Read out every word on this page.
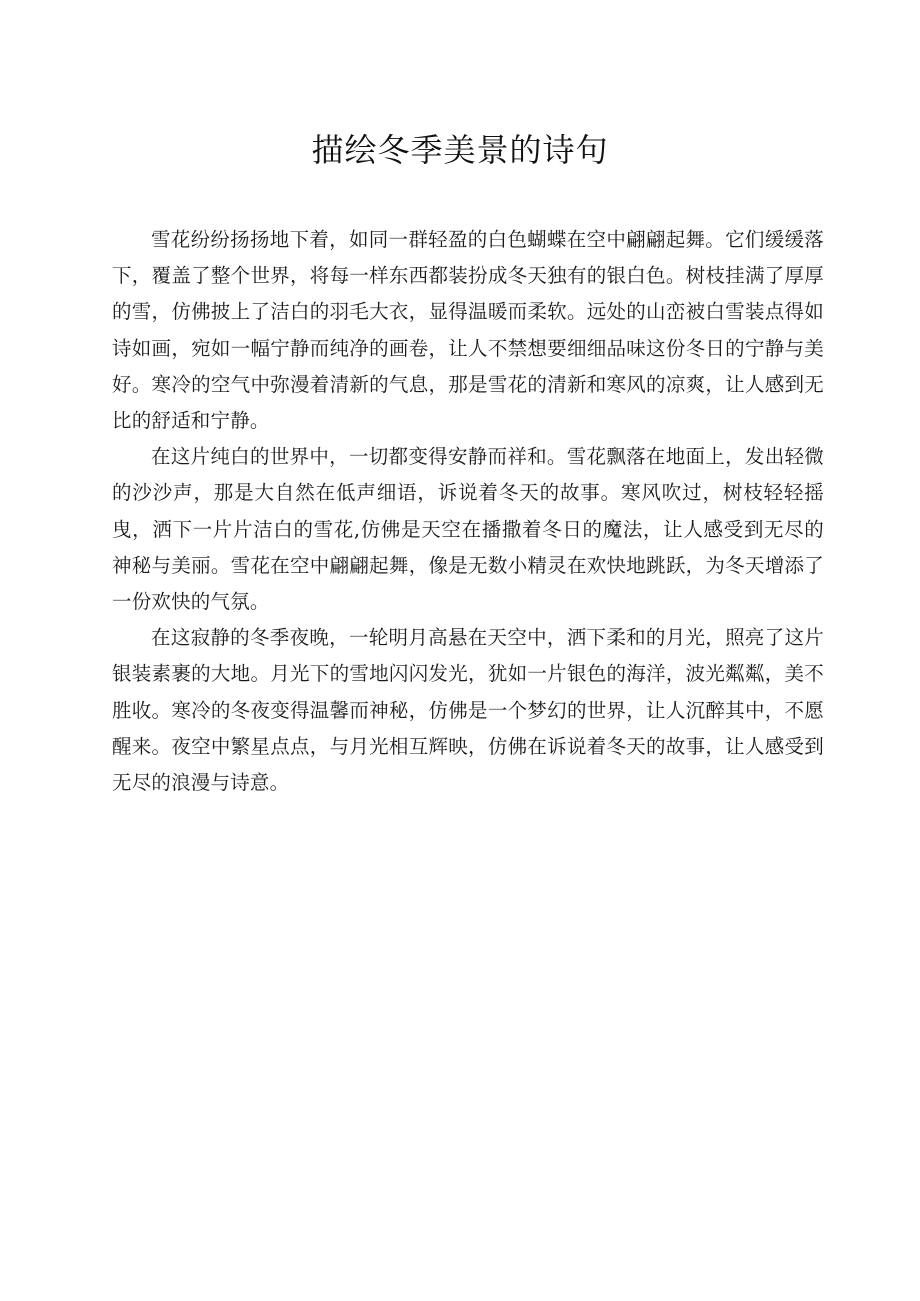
描绘冬季美景的诗句

雪花纷纷扬扬地下着，如同一群轻盈的白色蝴蝶在空中翩翩起舞。它们缓缓落下，覆盖了整个世界，将每一样东西都装扮成冬天独有的银白色。树枝挂满了厚厚的雪，仿佛披上了洁白的羽毛大衣，显得温暖而柔软。远处的山峦被白雪装点得如诗如画，宛如一幅宁静而纯净的画卷，让人不禁想要细细品味这份冬日的宁静与美好。寒冷的空气中弥漫着清新的气息，那是雪花的清新和寒风的凉爽，让人感到无比的舒适和宁静。

在这片纯白的世界中，一切都变得安静而祥和。雪花飘落在地面上，发出轻微的沙沙声，那是大自然在低声细语，诉说着冬天的故事。寒风吹过，树枝轻轻摇曳，洒下一片片洁白的雪花,仿佛是天空在播撒着冬日的魔法，让人感受到无尽的神秘与美丽。雪花在空中翩翩起舞，像是无数小精灵在欢快地跳跃，为冬天增添了一份欢快的气氛。

在这寂静的冬季夜晚，一轮明月高悬在天空中，洒下柔和的月光，照亮了这片银装素裹的大地。月光下的雪地闪闪发光，犹如一片银色的海洋，波光粼粼，美不胜收。寒冷的冬夜变得温馨而神秘，仿佛是一个梦幻的世界，让人沉醉其中，不愿醒来。夜空中繁星点点，与月光相互辉映，仿佛在诉说着冬天的故事，让人感受到无尽的浪漫与诗意。
